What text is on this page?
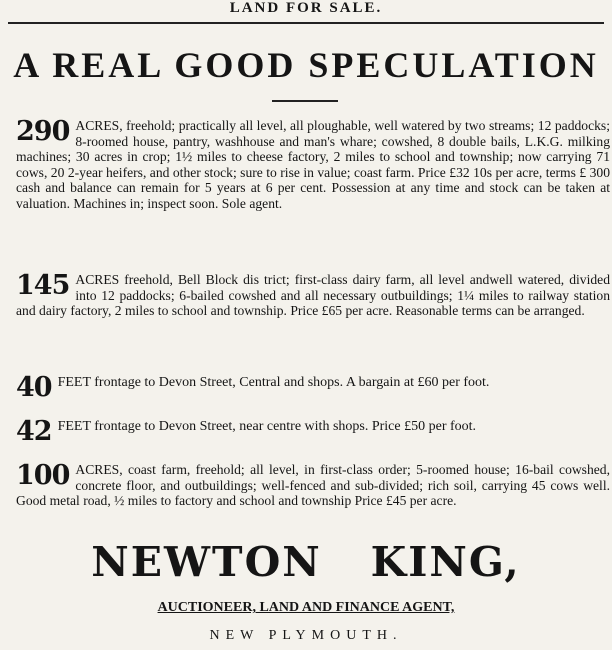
LAND FOR SALE.
A REAL GOOD SPECULATION

290 ACRES, freehold; practically all level, all ploughable, well watered by two streams; 12 paddocks; 8-roomed house, pantry, washhouse and man's whare; cowshed, 8 double bails, L.K.G. milking machines; 30 acres in crop; 1½ miles to cheese factory, 2 miles to school and township; now carrying 71 cows, 20 2-year heifers, and other stock; sure to rise in value; coast farm. Price £32 10s per acre, terms £ 300 cash and balance can remain for 5 years at 6 per cent. Possession at any time and stock can be taken at valuation. Machines in; inspect soon. Sole agent.

145 ACRES freehold, Bell Block dis trict; first-class dairy farm, all level andwell watered, divided into 12 paddocks; 6-bailed cowshed and all necessary outbuildings; 1¼ miles to railway station and dairy factory, 2 miles to school and township. Price £65 per acre. Reasonable terms can be arranged.

40 FEET frontage to Devon Street, Central and shops. A bargain at £60 per foot.

42 FEET frontage to Devon Street, near centre with shops. Price £50 per foot.

100 ACRES, coast farm, freehold; all level, in first-class order; 5-roomed house; 16-bail cowshed, concrete floor, and outbuildings; well-fenced and sub-divided; rich soil, carrying 45 cows well. Good metal road, ½ miles to factory and school and township Price £45 per acre.

NEWTON   KING,
AUCTIONEER, LAND AND FINANCE AGENT,
NEW PLYMOUTH.
